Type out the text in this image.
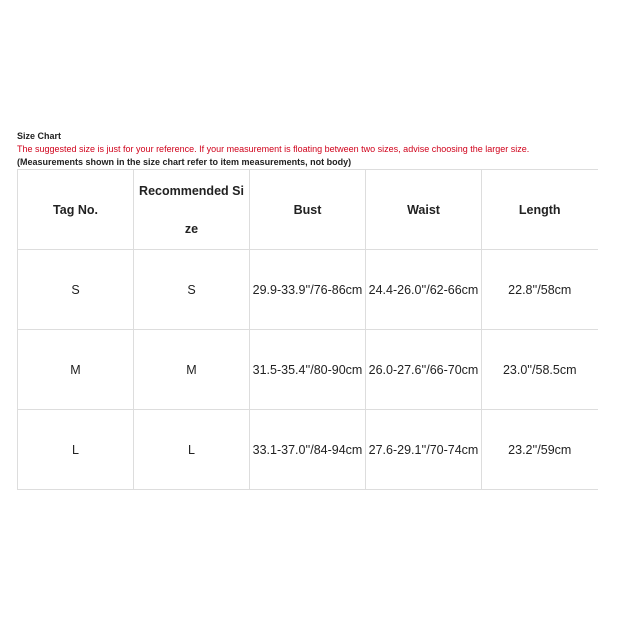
Size Chart
The suggested size is just for your reference. If your measurement is floating between two sizes, advise choosing the larger size.
(Measurements shown in the size chart refer to item measurements, not body)
Tag No.	Recommended Size	Bust	Waist	Length

S	S	29.9-33.9''/76-86cm	24.4-26.0''/62-66cm	22.8''/58cm

M	M	31.5-35.4''/80-90cm	26.0-27.6''/66-70cm	23.0''/58.5cm

L	L	33.1-37.0''/84-94cm	27.6-29.1''/70-74cm	23.2''/59cm
